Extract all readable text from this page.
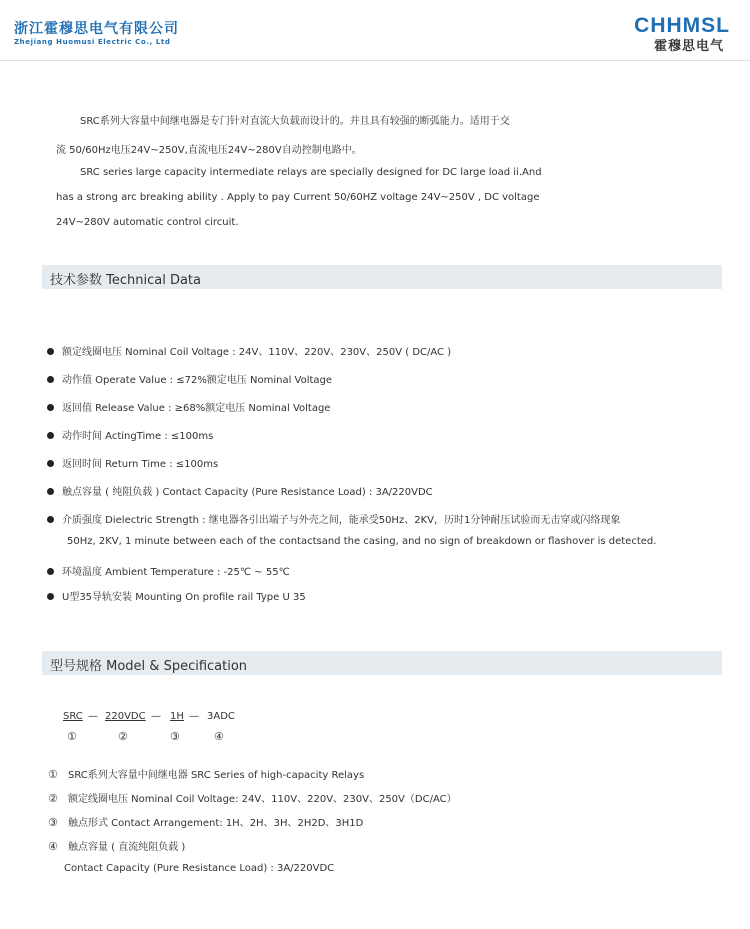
浙江霍穆思电气有限公司
Zhejiang Huomusi Electric Co., Ltd
CHHMSL
霍穆思电气
SRC系列大容量中间继电器是专门针对直流大负载而设计的。并且具有较强的断弧能力。适用于交
流 50/60Hz电压24V~250V,直流电压24V~280V自动控制电路中。
SRC series large capacity intermediate relays are specially designed for DC large load ii.And
has a strong arc breaking ability . Apply to pay Current 50/60HZ voltage 24V~250V , DC voltage
24V~280V automatic control circuit.
技术参数 Technical Data
额定线圈电压 Nominal Coil Voltage : 24V、110V、220V、230V、250V ( DC/AC )
动作值 Operate Value : ≤72%额定电压 Nominal Voltage
返回值 Release Value : ≥68%额定电压 Nominal Voltage
动作时间 ActingTime : ≤100ms
返回时间 Return Time : ≤100ms
触点容量 ( 纯阻负载 ) Contact Capacity (Pure Resistance Load) : 3A/220VDC
介质强度 Dielectric Strength : 继电器各引出端子与外壳之间，能承受50Hz、2KV，历时1分钟耐压试验而无击穿或闪络现象
50Hz, 2KV, 1 minute between each of the contactsand the casing, and no sign of breakdown or flashover is detected.
环境温度 Ambient Temperature : -25℃ ~ 55℃
U型35导轨安装 Mounting On profile rail Type U 35
型号规格 Model & Specification
SRC — 220VDC — 1H — 3ADC
①	②	③	④
① SRC系列大容量中间继电器 SRC Series of high-capacity Relays
② 额定线圈电压 Nominal Coil Voltage: 24V、110V、220V、230V、250V（DC/AC）
③ 触点形式 Contact Arrangement: 1H、2H、3H、2H2D、3H1D
④ 触点容量 ( 直流纯阻负载 )
Contact Capacity (Pure Resistance Load) : 3A/220VDC
